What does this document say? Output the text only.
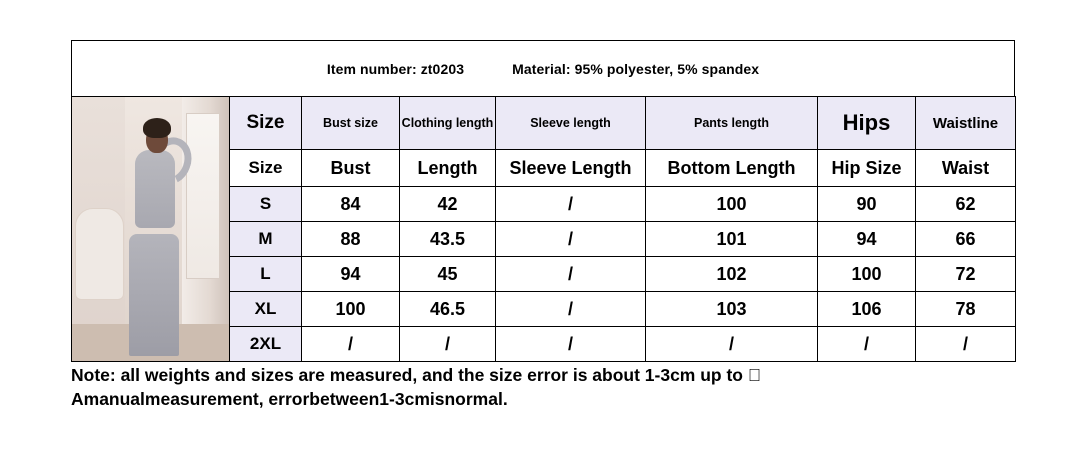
Item number: zt0203	Material: 95% polyester, 5% spandex
	Size	Bust size	Clothing length	Sleeve length	Pants length	Hips	Waistline
	Size	Bust	Length	Sleeve Length	Bottom Length	Hip Size	Waist
	S	84	42	/	100	90	62
	M	88	43.5	/	101	94	66
	L	94	45	/	102	100	72
	XL	100	46.5	/	103	106	78
	2XL	/	/	/	/	/	/
Note: all weights and sizes are measured, and the size error is about 1-3cm up to ⃟
Amanualmeasurement, errorbetween1-3cmisnormal.
